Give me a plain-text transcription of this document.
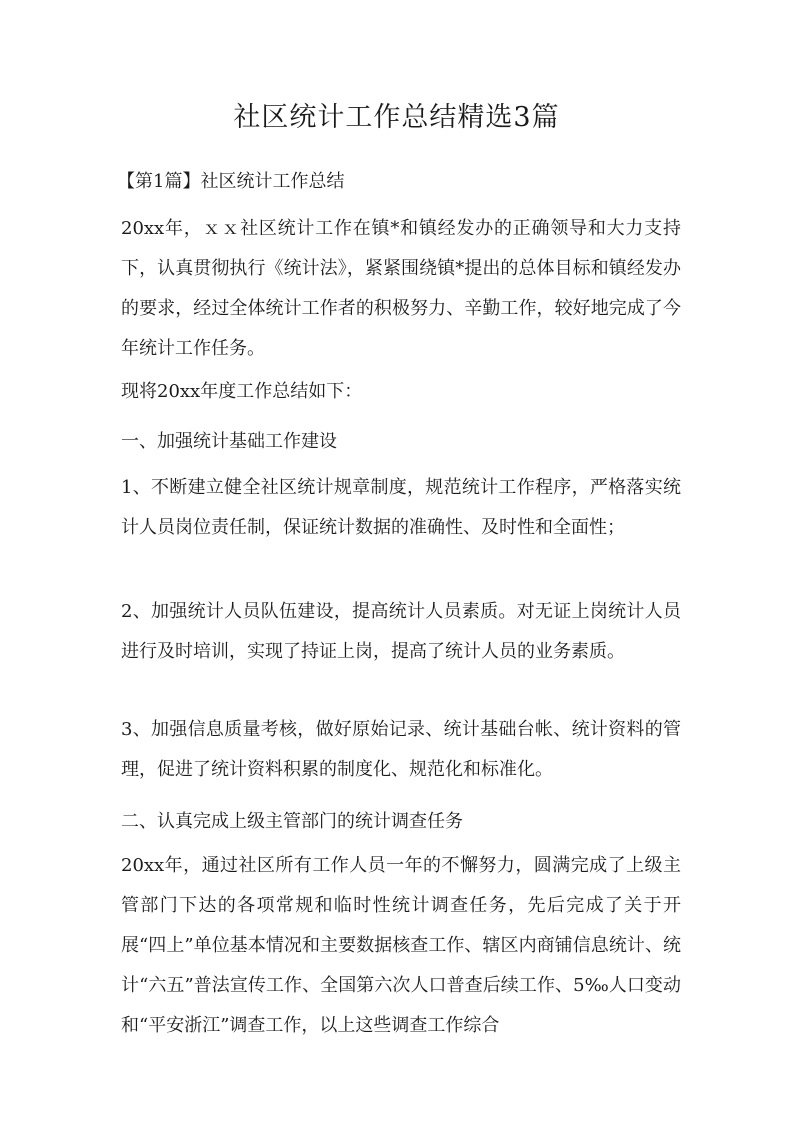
社区统计工作总结精选3篇

【第1篇】社区统计工作总结

20xx年，ｘｘ社区统计工作在镇*和镇经发办的正确领导和大力支持下，认真贯彻执行《统计法》，紧紧围绕镇*提出的总体目标和镇经发办的要求，经过全体统计工作者的积极努力、辛勤工作，较好地完成了今年统计工作任务。

现将20xx年度工作总结如下：

一、加强统计基础工作建设

1、不断建立健全社区统计规章制度，规范统计工作程序，严格落实统计人员岗位责任制，保证统计数据的准确性、及时性和全面性；

2、加强统计人员队伍建设，提高统计人员素质。对无证上岗统计人员进行及时培训，实现了持证上岗，提高了统计人员的业务素质。

3、加强信息质量考核，做好原始记录、统计基础台帐、统计资料的管理，促进了统计资料积累的制度化、规范化和标准化。

二、认真完成上级主管部门的统计调查任务

20xx年，通过社区所有工作人员一年的不懈努力，圆满完成了上级主管部门下达的各项常规和临时性统计调查任务，先后完成了关于开展“四上”单位基本情况和主要数据核查工作、辖区内商铺信息统计、统计“六五”普法宣传工作、全国第六次人口普查后续工作、5‰人口变动和“平安浙江”调查工作，以上这些调查工作综合
